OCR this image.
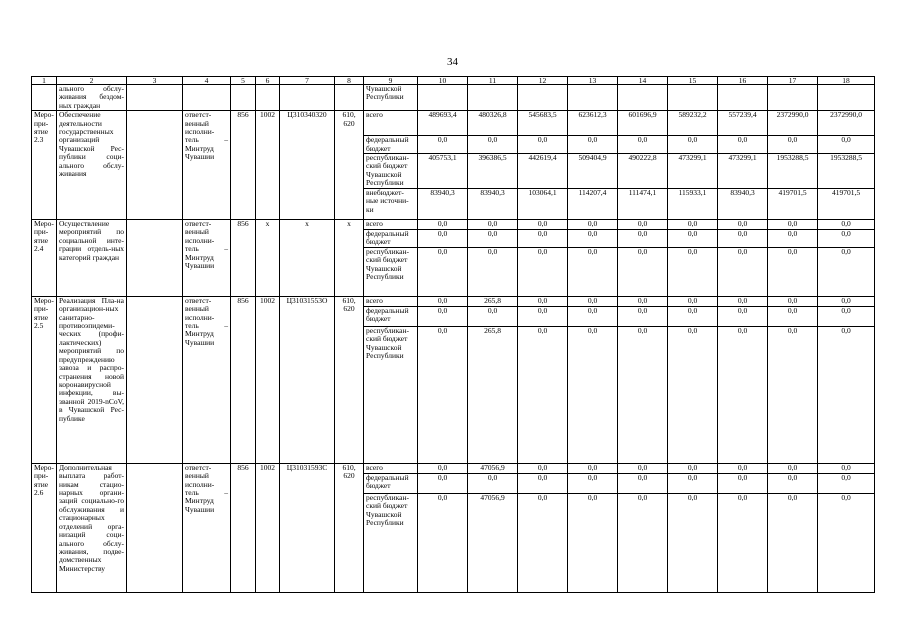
34
1	2	3	4	5	6	7	8	9	10	11	12	13	14	15	16	17	18
	ального обслу-живания бездом-ных граждан							Чувашской Республики									
Меро-при-ятие 2.3	Обеспечение деятельности государственных организаций Чувашской Рес-публики соци-ального обслу-живания		ответст-венный исполни-тель – Минтруд Чувашии	856	1002	Ц310340320	610, 620	всего	489693,4	480326,8	545683,5	623612,3	601696,9	589232,2	557239,4	2372990,0	2372990,0
								федеральный бюджет	0,0	0,0	0,0	0,0	0,0	0,0	0,0	0,0	0,0
								республикан-ский бюджет Чувашской Республики	405753,1	396386,5	442619,4	509404,9	490222,8	473299,1	473299,1	1953288,5	1953288,5
								внебюджет-ные источни-ки	83940,3	83940,3	103064,1	114207,4	111474,1	115933,1	83940,3	419701,5	419701,5
Меро-при-ятие 2.4	Осуществление мероприятий по социальной инте-грации отдель-ных категорий граждан		ответст-венный исполни-тель – Минтруд Чувашии	856	х	х	х	всего	0,0	0,0	0,0	0,0	0,0	0,0	0,0	0,0	0,0
								федеральный бюджет	0,0	0,0	0,0	0,0	0,0	0,0	0,0	0,0	0,0
								республикан-ский бюджет Чувашской Республики	0,0	0,0	0,0	0,0	0,0	0,0	0,0	0,0	0,0
Меро-при-ятие 2.5	Реализация Пла-на организацион-ных санитарно-противоэпидеми-ческих (профи-лактических) мероприятий по предупреждению завоза и распро-странения новой коронавирусной инфекции, вы-званной 2019-nCoV, в Чувашской Рес-публике		ответст-венный исполни-тель – Минтруд Чувашии	856	1002	Ц31031553О	610, 620	всего	0,0	265,8	0,0	0,0	0,0	0,0	0,0	0,0	0,0
								федеральный бюджет	0,0	0,0	0,0	0,0	0,0	0,0	0,0	0,0	0,0
								республикан-ский бюджет Чувашской Республики	0,0	265,8	0,0	0,0	0,0	0,0	0,0	0,0	0,0
Меро-при-ятие 2.6	Дополнительная выплата работ-никам стацио-нарных органи-заций социально-го обслуживания и стационарных отделений орга-низаций соци-ального обслу-живания, подве-домственных Министерству		ответст-венный исполни-тель – Минтруд Чувашии	856	1002	Ц31031593С	610, 620	всего	0,0	47056,9	0,0	0,0	0,0	0,0	0,0	0,0	0,0
								федеральный бюджет	0,0	0,0	0,0	0,0	0,0	0,0	0,0	0,0	0,0
								республикан-ский бюджет Чувашской Республики	0,0	47056,9	0,0	0,0	0,0	0,0	0,0	0,0	0,0
